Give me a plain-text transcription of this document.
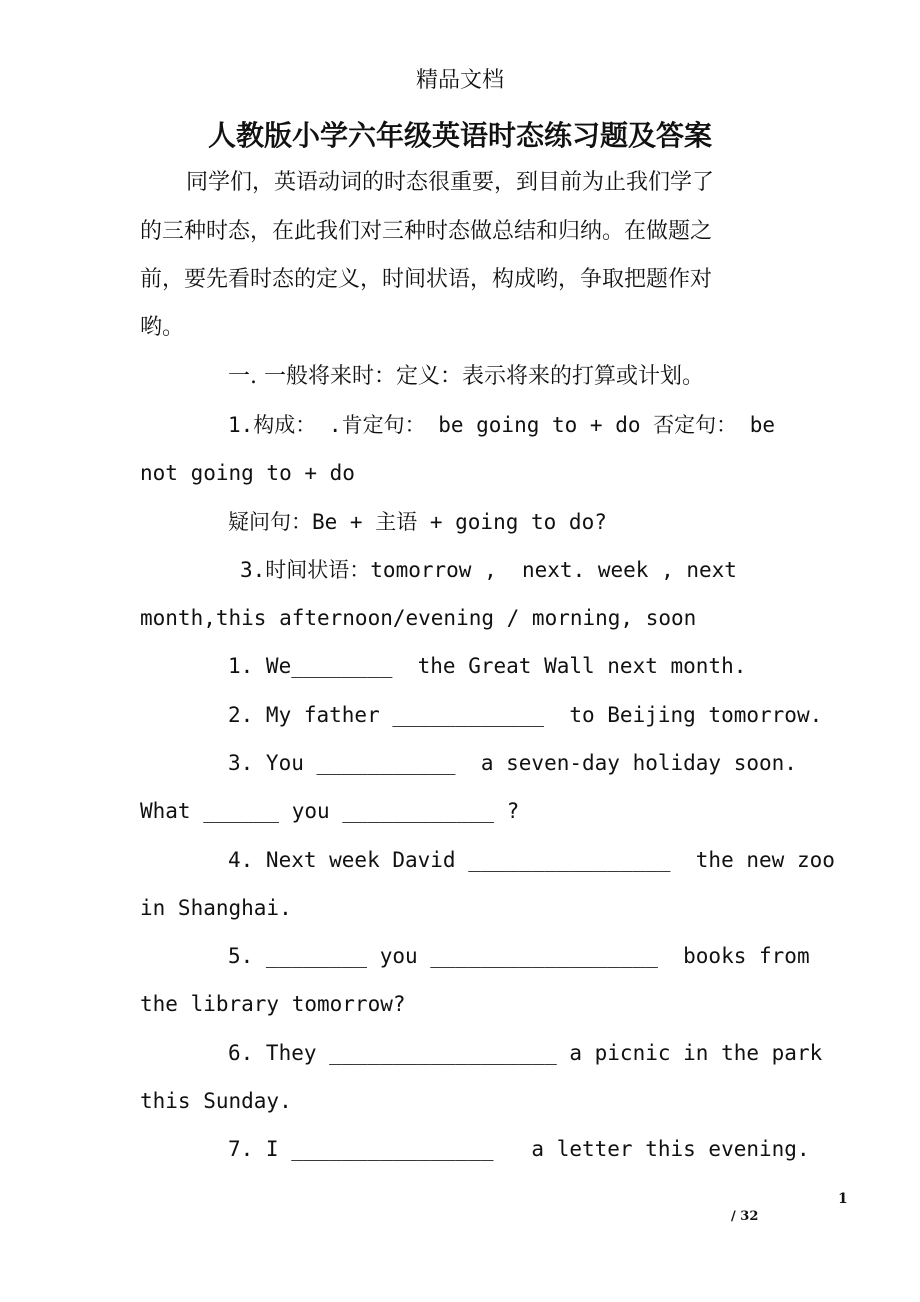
精品文档
人教版小学六年级英语时态练习题及答案

同学们，英语动词的时态很重要，到目前为止我们学了

的三种时态，在此我们对三种时态做总结和归纳。在做题之

前，要先看时态的定义，时间状语，构成哟，争取把题作对

哟。

一. 一般将来时：定义：表示将来的打算或计划。

1.构成： .肯定句： be going to + do 否定句： be

not going to + do

疑问句：Be + 主语 + going to do?

3.时间状语：tomorrow ,  next. week , next

month,this afternoon/evening / morning, soon

1. We________  the Great Wall next month.

2. My father ____________  to Beijing tomorrow.

3. You ___________  a seven-day holiday soon.

What ______ you ____________ ?

4. Next week David ________________  the new zoo

in Shanghai.

5. ________ you __________________  books from

the library tomorrow?

6. They __________________ a picnic in the park

this Sunday.

7. I ________________   a letter this evening.

1
/ 32
